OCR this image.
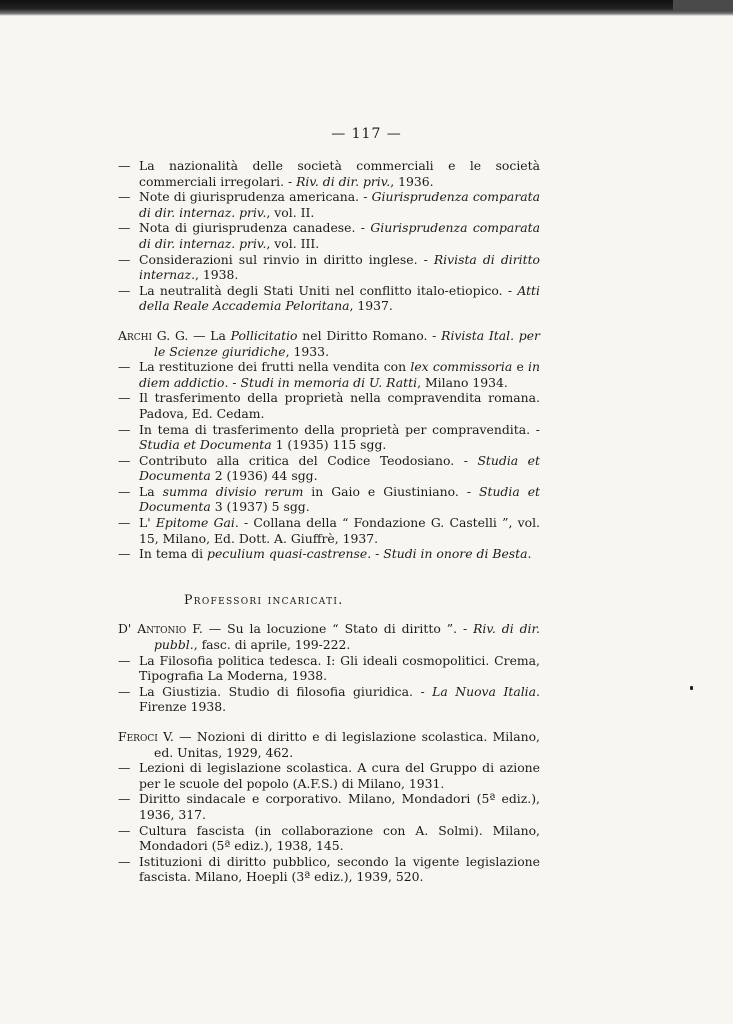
— 117 —
— La nazionalità delle società commerciali e le società commerciali irregolari. - Riv. di dir. priv., 1936.
— Note di giurisprudenza americana. - Giurisprudenza comparata di dir. internaz. priv., vol. II.
— Nota di giurisprudenza canadese. - Giurisprudenza comparata di dir. internaz. priv., vol. III.
— Considerazioni sul rinvio in diritto inglese. - Rivista di diritto internaz., 1938.
— La neutralità degli Stati Uniti nel conflitto italo-etiopico. - Atti della Reale Accademia Peloritana, 1937.
Archi G. G. — La Pollicitatio nel Diritto Romano. - Rivista Ital. per le Scienze giuridiche, 1933.
— La restituzione dei frutti nella vendita con lex commissoria e in diem addictio. - Studi in memoria di U. Ratti, Milano 1934.
— Il trasferimento della proprietà nella compravendita romana. Padova, Ed. Cedam.
— In tema di trasferimento della proprietà per compravendita. - Studia et Documenta 1 (1935) 115 sgg.
— Contributo alla critica del Codice Teodosiano. - Studia et Documenta 2 (1936) 44 sgg.
— La summa divisio rerum in Gaio e Giustiniano. - Studia et Documenta 3 (1937) 5 sgg.
— L' Epitome Gai. - Collana della “ Fondazione G. Castelli ”, vol. 15, Milano, Ed. Dott. A. Giuffrè, 1937.
— In tema di peculium quasi-castrense. - Studi in onore di Besta.
Professori incaricati.
D' Antonio F. — Su la locuzione “ Stato di diritto ”. - Riv. di dir. pubbl., fasc. di aprile, 199-222.
— La Filosofia politica tedesca. I: Gli ideali cosmopolitici. Crema, Tipografia La Moderna, 1938.
— La Giustizia. Studio di filosofia giuridica. - La Nuova Italia. Firenze 1938.
Feroci V. — Nozioni di diritto e di legislazione scolastica. Milano, ed. Unitas, 1929, 462.
— Lezioni di legislazione scolastica. A cura del Gruppo di azione per le scuole del popolo (A.F.S.) di Milano, 1931.
— Diritto sindacale e corporativo. Milano, Mondadori (5ª ediz.), 1936, 317.
— Cultura fascista (in collaborazione con A. Solmi). Milano, Mondadori (5ª ediz.), 1938, 145.
— Istituzioni di diritto pubblico, secondo la vigente legislazione fascista. Milano, Hoepli (3ª ediz.), 1939, 520.
